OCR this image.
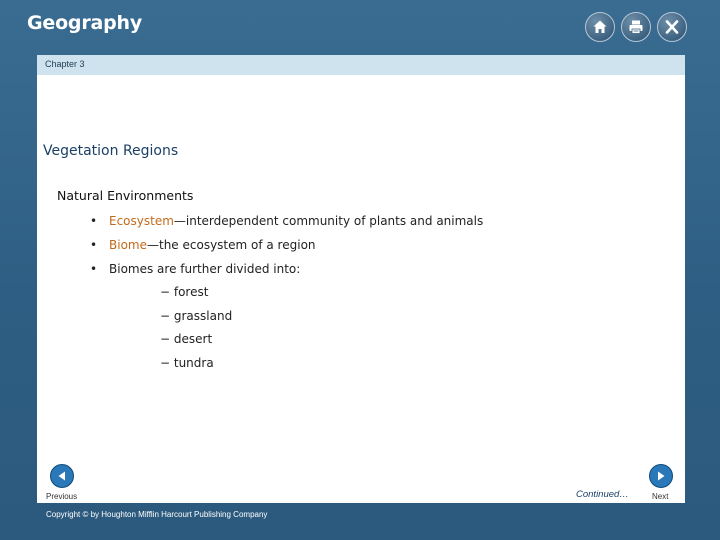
Geography
Chapter 3
Vegetation Regions
Natural Environments
• Ecosystem—interdependent community of plants and animals
• Biome—the ecosystem of a region
• Biomes are further divided into:
− forest
− grassland
− desert
− tundra
Previous	Continued…	Next
Copyright © by Houghton Mifflin Harcourt Publishing Company
